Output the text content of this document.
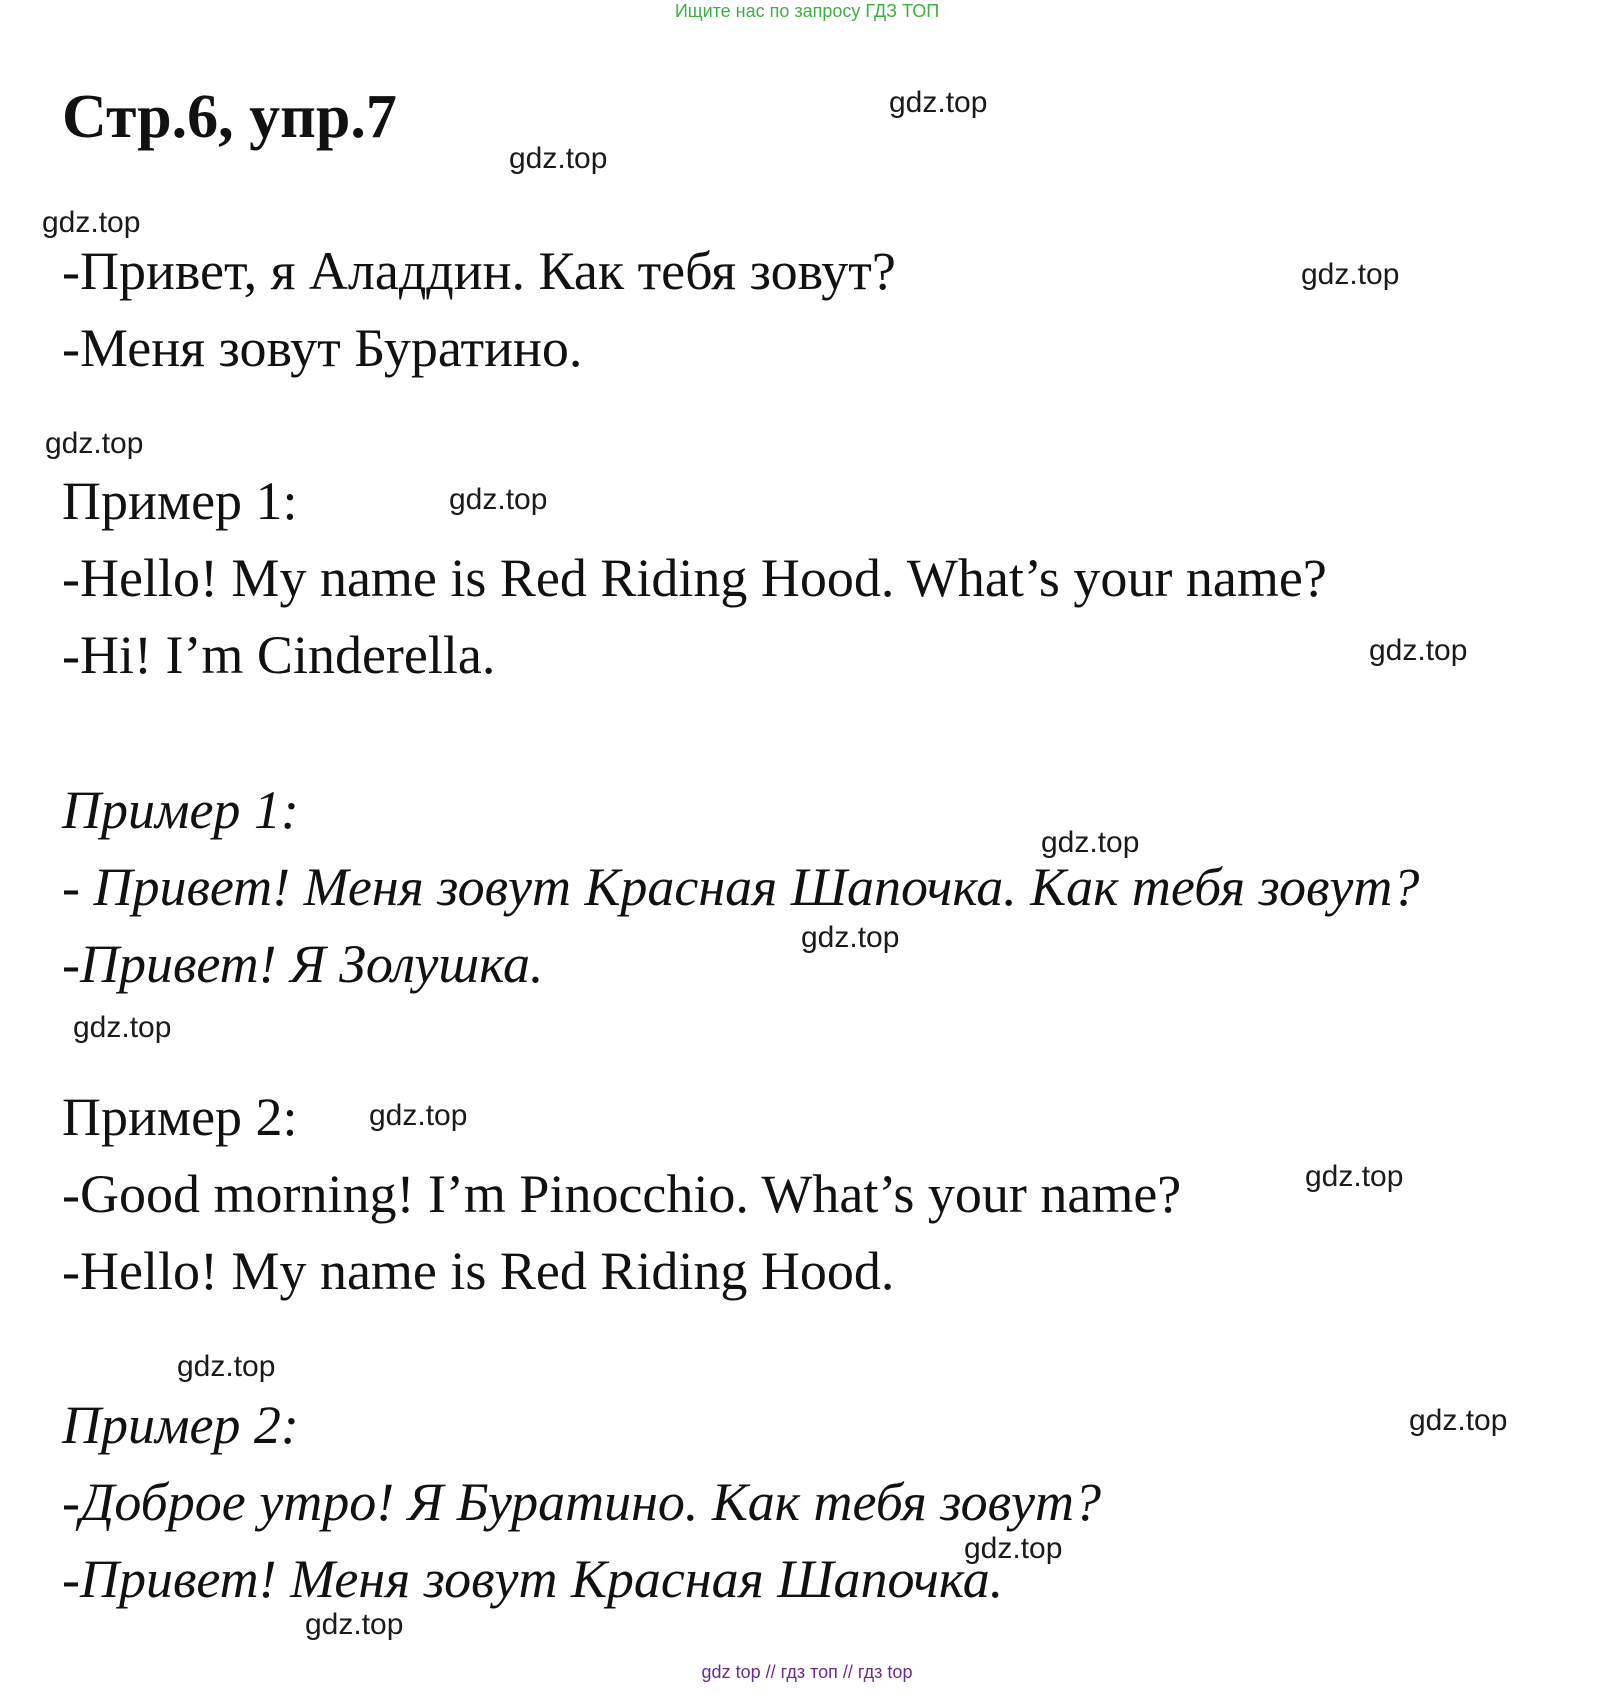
Ищите нас по запросу ГДЗ ТОП
Стр.6, упр.7
-Привет, я Аладдин. Как тебя зовут?
-Меня зовут Буратино.
Пример 1:
-Hello! My name is Red Riding Hood. What’s your name?
-Hi! I’m Cinderella.
Пример 1:
- Привет! Меня зовут Красная Шапочка. Как тебя зовут?
-Привет! Я Золушка.
Пример 2:
-Good morning! I’m Pinocchio. What’s your name?
-Hello! My name is Red Riding Hood.
Пример 2:
-Доброе утро! Я Буратино. Как тебя зовут?
-Привет! Меня зовут Красная Шапочка.
gdz.top
gdz.top
gdz.top
gdz.top
gdz.top
gdz.top
gdz.top
gdz.top
gdz.top
gdz.top
gdz.top
gdz.top
gdz.top
gdz.top
gdz.top
gdz.top
gdz top // гдз топ // гдз top
